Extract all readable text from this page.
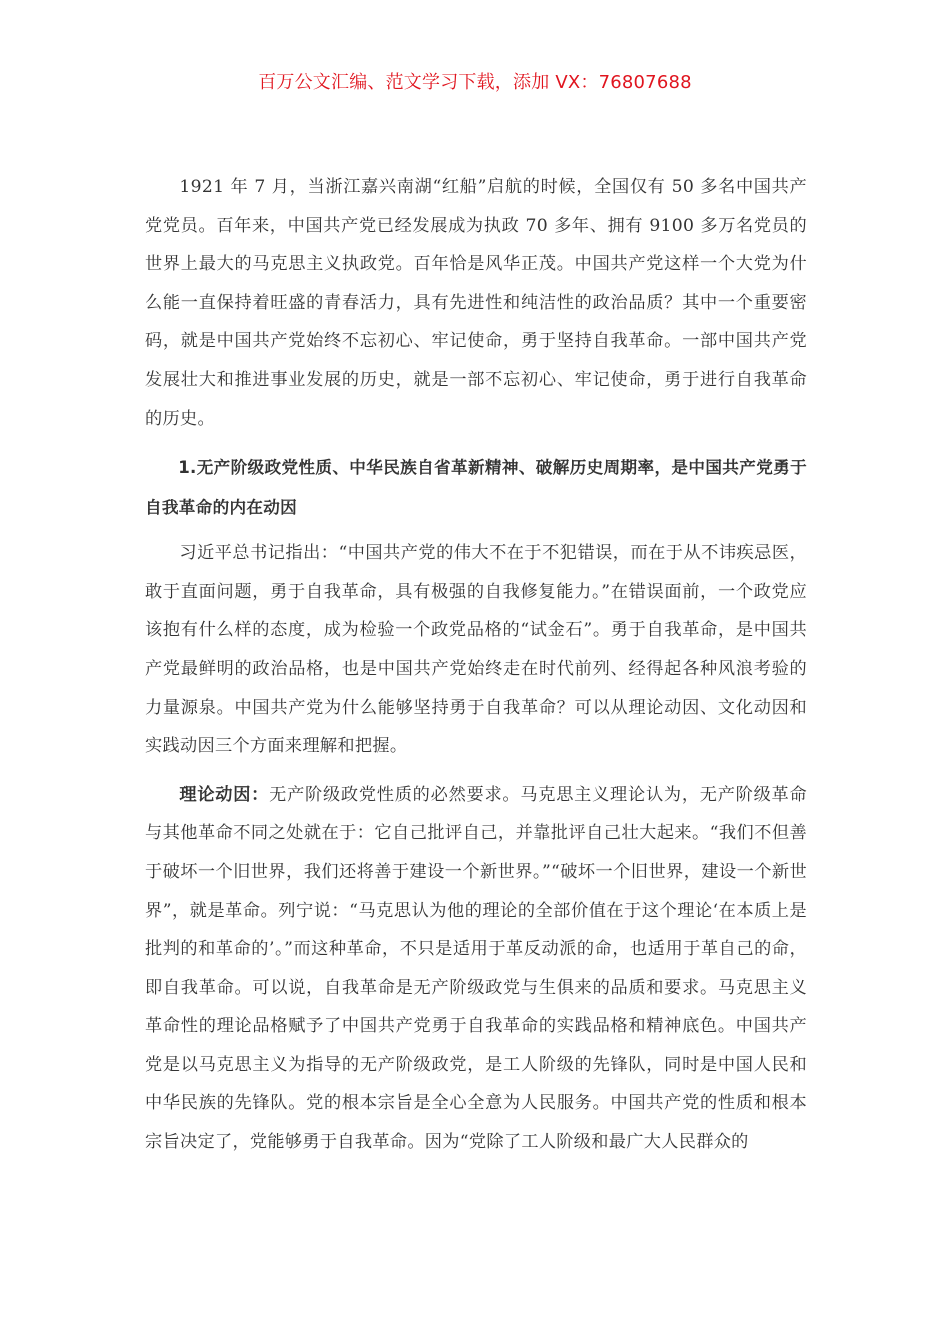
百万公文汇编、范文学习下载，添加 VX：76807688

1921 年 7 月，当浙江嘉兴南湖“红船”启航的时候，全国仅有 50 多名中国共产党党员。百年来，中国共产党已经发展成为执政 70 多年、拥有 9100 多万名党员的世界上最大的马克思主义执政党。百年恰是风华正茂。中国共产党这样一个大党为什么能一直保持着旺盛的青春活力，具有先进性和纯洁性的政治品质？其中一个重要密码，就是中国共产党始终不忘初心、牢记使命，勇于坚持自我革命。一部中国共产党发展壮大和推进事业发展的历史，就是一部不忘初心、牢记使命，勇于进行自我革命的历史。

1.无产阶级政党性质、中华民族自省革新精神、破解历史周期率，是中国共产党勇于自我革命的内在动因

习近平总书记指出：“中国共产党的伟大不在于不犯错误，而在于从不讳疾忌医，敢于直面问题，勇于自我革命，具有极强的自我修复能力。”在错误面前，一个政党应该抱有什么样的态度，成为检验一个政党品格的“试金石”。勇于自我革命，是中国共产党最鲜明的政治品格，也是中国共产党始终走在时代前列、经得起各种风浪考验的力量源泉。中国共产党为什么能够坚持勇于自我革命？可以从理论动因、文化动因和实践动因三个方面来理解和把握。

理论动因：无产阶级政党性质的必然要求。马克思主义理论认为，无产阶级革命与其他革命不同之处就在于：它自己批评自己，并靠批评自己壮大起来。“我们不但善于破坏一个旧世界，我们还将善于建设一个新世界。”“破坏一个旧世界，建设一个新世界”，就是革命。列宁说：“马克思认为他的理论的全部价值在于这个理论‘在本质上是批判的和革命的’。”而这种革命，不只是适用于革反动派的命，也适用于革自己的命，即自我革命。可以说，自我革命是无产阶级政党与生俱来的品质和要求。马克思主义革命性的理论品格赋予了中国共产党勇于自我革命的实践品格和精神底色。中国共产党是以马克思主义为指导的无产阶级政党，是工人阶级的先锋队，同时是中国人民和中华民族的先锋队。党的根本宗旨是全心全意为人民服务。中国共产党的性质和根本宗旨决定了，党能够勇于自我革命。因为“党除了工人阶级和最广大人民群众的
